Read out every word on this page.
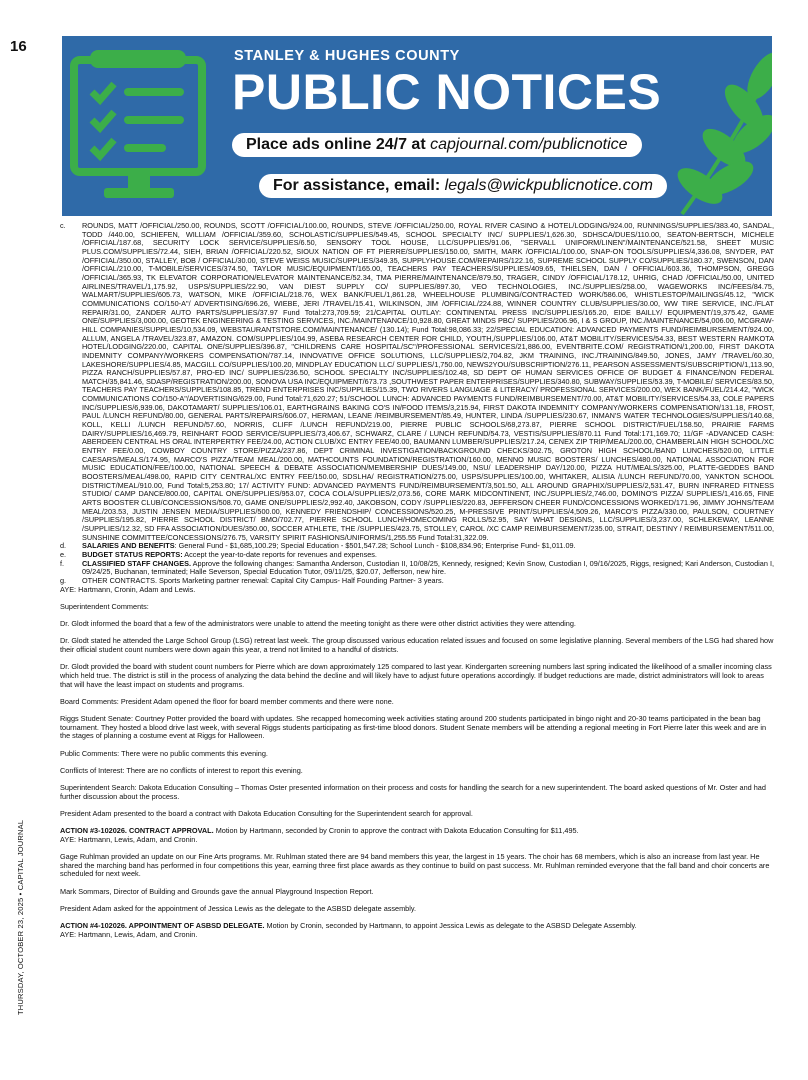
16
STANLEY & HUGHES COUNTY
PUBLIC NOTICES
Place ads online 24/7 at capjournal.com/publicnotice
For assistance, email: legals@wickpublicnotice.com
c.	ROUNDS, MATT /OFFICIAL/250.00, ROUNDS, SCOTT /OFFICIAL/100.00, ROUNDS, STEVE /OFFICIAL/250.00, ROYAL RIVER CASINO & HOTEL/LODGING/924.00, RUNNINGS/SUPPLIES/383.40, SANDAL, TODD /440.00, SCHIEFEN, WILLIAM /OFFICIAL/359.60, SCHOLASTIC/SUPPLIES/549.45, SCHOOL SPECIALTY INC/ SUPPLIES/1,626.30, SDHSCA/DUES/110.00, SEATON-BERTSCH, MICHELE /OFFICIAL/187.68, SECURITY LOCK SERVICE/SUPPLIES/6.50, SENSORY TOOL HOUSE, LLC/SUPPLIES/91.06, "SERVALL UNIFORM/LINEN"/MAINTENANCE/521.58, SHEET MUSIC PLUS.COM/SUPPLIES/72.44, SIEH, BRIAN /OFFICIAL/220.52, SIOUX NATION OF FT PIERRE/SUPPLIES/150.00, SMITH, MARK /OFFICIAL/100.00, SNAP-ON TOOLS/SUPPLIES/4,336.08, SNYDER, PAT /OFFICIAL/350.00, STALLEY, BOB / OFFICIAL/30.00, STEVE WEISS MUSIC/SUPPLIES/349.35, SUPPLYHOUSE.COM/REPAIRS/122.16, SUPREME SCHOOL SUPPLY CO/SUPPLIES/180.37, SWENSON, DAN /OFFICIAL/210.00, T-MOBILE/SERVICES/374.50, TAYLOR MUSIC/EQUIPMENT/165.00, TEACHERS PAY TEACHERS/SUPPLIES/409.65, THIELSEN, DAN / OFFICIAL/603.36, THOMPSON, GREGG /OFFICIAL/365.93, TK ELEVATOR CORPORATION/ELEVATOR MAINTENANCE/52.34, TMA PIERRE/MAINTENANCE/879.50, TRAGER, CINDY /OFFICIAL/178.12, UHRIG, CHAD /OFFICIAL/50.00, UNITED AIRLINES/TRAVEL/1,175.92, USPS/SUPPLIES/22.90, VAN DIEST SUPPLY CO/ SUPPLIES/897.30, VEO TECHNOLOGIES, INC./SUPPLIES/258.00, WAGEWORKS INC/FEES/84.75, WALMART/SUPPLIES/605.73, WATSON, MIKE /OFFICIAL/218.76, WEX BANK/FUEL/1,861.28, WHEELHOUSE PLUMBING/CONTRACTED WORK/586.06, WHISTLESTOP/MAILINGS/45.12, "WICK COMMUNICATIONS CO/150-A"/ ADVERTISING/696.26, WIEBE, JERI /TRAVEL/15.41, WILKINSON, JIM /OFFICIAL/224.88, WINNER COUNTRY CLUB/SUPPLIES/30.00, WW TIRE SERVICE, INC./FLAT REPAIR/31.00, ZANDER AUTO PARTS/SUPPLIES/37.97 Fund Total:273,709.59; 21/CAPITAL OUTLAY: CONTINENTAL PRESS INC/SUPPLIES/165.20, EIDE BAILLY/ EQUIPMENT/19,375.42, GAME ONE/SUPPLIES/3,000.00, GEOTEK ENGINEERING & TESTING SERVICES, INC./MAINTENANCE/10,928.80, GREAT MINDS PBC/ SUPPLIES/206.96, I & S GROUP, INC./MAINTENANCE/54,006.00, MCGRAW-HILL COMPANIES/SUPPLIES/10,534.09, WEBSTAURANTSTORE.COM/MAINTENANCE/ (130.14); Fund Total:98,086.33; 22/SPECIAL EDUCATION: ADVANCED PAYMENTS FUND/REIMBURSEMENT/924.00, ALLUM, ANGELA /TRAVEL/323.87, AMAZON. COM/SUPPLIES/104.99, ASEBA RESEARCH CENTER FOR CHILD, YOUTH,/SUPPLIES/106.00, AT&T MOBILITY/SERVICES/54.33, BEST WESTERN RAMKOTA HOTEL/LODGING/220.00, CAPITAL ONE/SUPPLIES/396.87, "CHILDRENS CARE HOSPITAL/SC"/PROFESSIONAL SERVICES/21,886.00, EVENTBRITE.COM/ REGISTRATION/1,200.00, FIRST DAKOTA INDEMNITY COMPANY/WORKERS COMPENSATION/787.14, INNOVATIVE OFFICE SOLUTIONS, LLC/SUPPLIES/2,704.82, JKM TRAINING, INC./TRAINING/849.50, JONES, JAMY /TRAVEL/60.30, LAKESHORE/SUPPLIES/4.85, MACGILL CO/SUPPLIES/100.20, MINDPLAY EDUCATION LLC/ SUPPLIES/1,750.00, NEWS2YOU/SUBSCRIPTION/276.11, PEARSON ASSESSMENTS/SUBSCRIPTION/1,113.90, PIZZA RANCH/SUPPLIES/57.87, PRO-ED INC/ SUPPLIES/236.50, SCHOOL SPECIALTY INC/SUPPLIES/102.48, SD DEPT OF HUMAN SERVICES OFFICE OF BUDGET & FINANCE/NON FEDERAL MATCH/35,841.46, SDASP/REGISTRATION/200.00, SONOVA USA INC/EQUIPMENT/673.73 ,SOUTHWEST PAPER ENTERPRISES/SUPPLIES/340.80, SUBWAY/SUPPLIES/53.39, T-MOBILE/ SERVICES/83.50, TEACHERS PAY TEACHERS/SUPPLIES/108.85, TREND ENTERPRISES INC/SUPPLIES/15.39, TWO RIVERS LANGUAGE & LITERACY/ PROFESSIONAL SERVICES/200.00, WEX BANK/FUEL/214.42, "WICK COMMUNICATIONS CO/150-A"/ADVERTISING/629.00, Fund Total:71,620.27; 51/SCHOOL LUNCH: ADVANCED PAYMENTS FUND/REIMBURSEMENT/70.00, AT&T MOBILITY/SERVICES/54.33, COLE PAPERS INC/SUPPLIES/6,939.06, DAKOTAMART/ SUPPLIES/106.01, EARTHGRAINS BAKING CO'S IN/FOOD ITEMS/3,215.94, FIRST DAKOTA INDEMNITY COMPANY/WORKERS COMPENSATION/131.18, FROST, PAUL /LUNCH REFUND/80.00, GENERAL PARTS/REPAIRS/606.07, HERMAN, LEANE /REIMBURSEMENT/85.49, HUNTER, LINDA /SUPPLIES/230.67, INMAN'S WATER TECHNOLOGIES/SUPPLIES/140.68, KOLL, KELLI /LUNCH REFUND/57.60, NORRIS, CLIFF /LUNCH REFUND/219.00, PIERRE PUBLIC SCHOOLS/68,273.87, PIERRE SCHOOL DISTRICT/FUEL/158.50, PRAIRIE FARMS DAIRY/SUPPLIES/16,469.79, REINHART FOOD SERVICE/SUPPLIES/73,406.67, SCHWARZ, CLARE / LUNCH REFUND/54.73, VESTIS/SUPPLIES/870.11 Fund Total:171,169.70; 11/GF -ADVANCED CASH: ABERDEEN CENTRAL HS ORAL INTERPERTRY FEE/24.00, ACTION CLUB/XC ENTRY FEE/40.00, BAUMANN LUMBER/SUPPLIES/217.24, CENEX ZIP TRIP/MEAL/200.00, CHAMBERLAIN HIGH SCHOOL/XC ENTRY FEE/0.00, COWBOY COUNTRY STORE/PIZZA/237.86, DEPT CRIMINAL INVESTIGATION/BACKGROUND CHECKS/302.75, GROTON HIGH SCHOOL/BAND LUNCHES/520.00, LITTLE CAESARS/MEALS/174.95, MARCO'S PIZZA/TEAM MEAL/200.00, MATHCOUNTS FOUNDATION/REGISTRATION/160.00, MENNO MUSIC BOOSTERS/ LUNCHES/480.00, NATIONAL ASSOCIATION FOR MUSIC EDUCATION/FEE/100.00, NATIONAL SPEECH & DEBATE ASSOCIATION/MEMBERSHIP DUES/149.00, NSU/ LEADERSHIP DAY/120.00, PIZZA HUT/MEALS/325.00, PLATTE-GEDDES BAND BOOSTERS/MEAL/498.00, RAPID CITY CENTRAL/XC ENTRY FEE/150.00, SDSLHA/ REGISTRATION/275.00, USPS/SUPPLIES/100.00, WHITAKER, ALISIA /LUNCH REFUND/70.00, YANKTON SCHOOL DISTRICT/MEAL/910.00, Fund Total:5,253.80; 17/ ACTIVITY FUND: ADVANCED PAYMENTS FUND/REIMBURSEMENT/3,501.50, ALL AROUND GRAPHIX/SUPPLIES/2,531.47, BURN INFRARED FITNESS STUDIO/ CAMP DANCE/800.00, CAPITAL ONE/SUPPLIES/953.07, COCA COLA/SUPPLIES/2,073.56, CORE MARK MIDCONTINENT, INC./SUPPLIES/2,746.00, DOMINO'S PIZZA/ SUPPLIES/1,416.65, FINE ARTS BOOSTER CLUB/CONCESSIONS/508.70, GAME ONE/SUPPLIES/2,992.40, JAKOBSON, CODY /SUPPLIES/220.83, JEFFERSON CHEER FUND/CONCESSIONS WORKED/171.96, JIMMY JOHNS/TEAM MEAL/203.53, JUSTIN JENSEN MEDIA/SUPPLIES/500.00, KENNEDY FRIENDSHIP/ CONCESSIONS/520.25, M-PRESSIVE PRINT/SUPPLIES/4,509.26, MARCO'S PIZZA/330.00, PAULSON, COURTNEY /SUPPLIES/195.82, PIERRE SCHOOL DISTRICT/ BMO/702.77, PIERRE SCHOOL LUNCH/HOMECOMING ROLLS/52.95, SAY WHAT DESIGNS, LLC/SUPPLIES/3,237.00, SCHLEKEWAY, LEANNE /SUPPLIES/12.32, SD FFA ASSOCIATION/DUES/350.00, SOCCER ATHLETE, THE /SUPPLIES/423.75, STOLLEY, CAROL /XC CAMP REIMBURSEMENT/235.00, STRAIT, DESTINY / REIMBURSEMENT/511.00, SUNSHINE COMMITTEE/CONCESSIONS/276.75, VARSITY SPIRIT FASHIONS/UNIFORMS/1,255.55 Fund Total:31,322.09.
d.	SALARIES AND BENEFITS: General Fund - $1,685,100.29; Special Education - $501,547.28; School Lunch - $108,834.96; Enterprise Fund- $1,011.09.
e.	BUDGET STATUS REPORTS: Accept the year-to-date reports for revenues and expenses.
f.	CLASSIFIED STAFF CHANGES. Approve the following changes: Samantha Anderson, Custodian II, 10/08/25, Kennedy, resigned; Kevin Snow, Custodian I, 09/16/2025, Riggs, resigned; Kari Anderson, Custodian I, 09/24/25, Buchanan, terminated; Halle Severson, Special Education Tutor, 09/11/25, $20.07, Jefferson, new hire.
g.	OTHER CONTRACTS. Sports Marketing partner renewal: Capital City Campus- Half Founding Partner- 3 years.

AYE: Hartmann, Cronin, Adam and Lewis.

Superintendent Comments:

Dr. Glodt informed the board that a few of the administrators were unable to attend the meeting tonight as there were other district activities they were attending.

Dr. Glodt stated he attended the Large School Group (LSG) retreat last week. The group discussed various education related issues and focused on some legislative planning. Several members of the LSG had shared how their official student count numbers were down again this year, a trend not limited to a handful of districts.

Dr. Glodt provided the board with student count numbers for Pierre which are down approximately 125 compared to last year. Kindergarten screening numbers last spring indicated the likelihood of a smaller incoming class which held true. The district is still in the process of analyzing the data behind the decline and will likely have to adjust future operations accordingly. If budget reductions are made, district administrators will look to areas that will have the least impact on students and programs.

Board Comments: President Adam opened the floor for board member comments and there were none.

Riggs Student Senate: Courtney Potter provided the board with updates. She recapped homecoming week activities stating around 200 students participated in bingo night and 20-30 teams participated in the bean bag tournament. They hosted a blood drive last week, with several Riggs students participating as first-time blood donors. Student Senate members will be attending a regional meeting in Fort Pierre later this week and are in the stages of planning a costume event at Riggs for Halloween.

Public Comments: There were no public comments this evening.

Conflicts of Interest: There are no conflicts of interest to report this evening.

Superintendent Search: Dakota Education Consulting – Thomas Oster presented information on their process and costs for handling the search for a new superintendent. The board asked questions of Mr. Oster and had further discussion about the process.

President Adam presented to the board a contract with Dakota Education Consulting for the Superintendent search for approval.

ACTION #3-102026. CONTRACT APPROVAL. Motion by Hartmann, seconded by Cronin to approve the contract with Dakota Education Consulting for $11,495.
AYE: Hartmann, Lewis, Adam, and Cronin.

Gage Ruhlman provided an update on our Fine Arts programs. Mr. Ruhlman stated there are 94 band members this year, the largest in 15 years. The choir has 68 members, which is also an increase from last year. He shared the marching band has performed in four competitions this year, earning three first place awards as they continue to build on past success. Mr. Ruhlman reminded everyone that the fall band and choir concerts are scheduled for next week.

Mark Sommars, Director of Building and Grounds gave the annual Playground Inspection Report.

President Adam asked for the appointment of Jessica Lewis as the delegate to the ASBSD delegate assembly.

ACTION #4-102026. APPOINTMENT OF ASBSD DELEGATE. Motion by Cronin, seconded by Hartmann, to appoint Jessica Lewis as delegate to the ASBSD Delegate Assembly.
AYE: Hartmann, Lewis, Adam, and Cronin.
THURSDAY, OCTOBER 23, 2025 • CAPITAL JOURNAL
